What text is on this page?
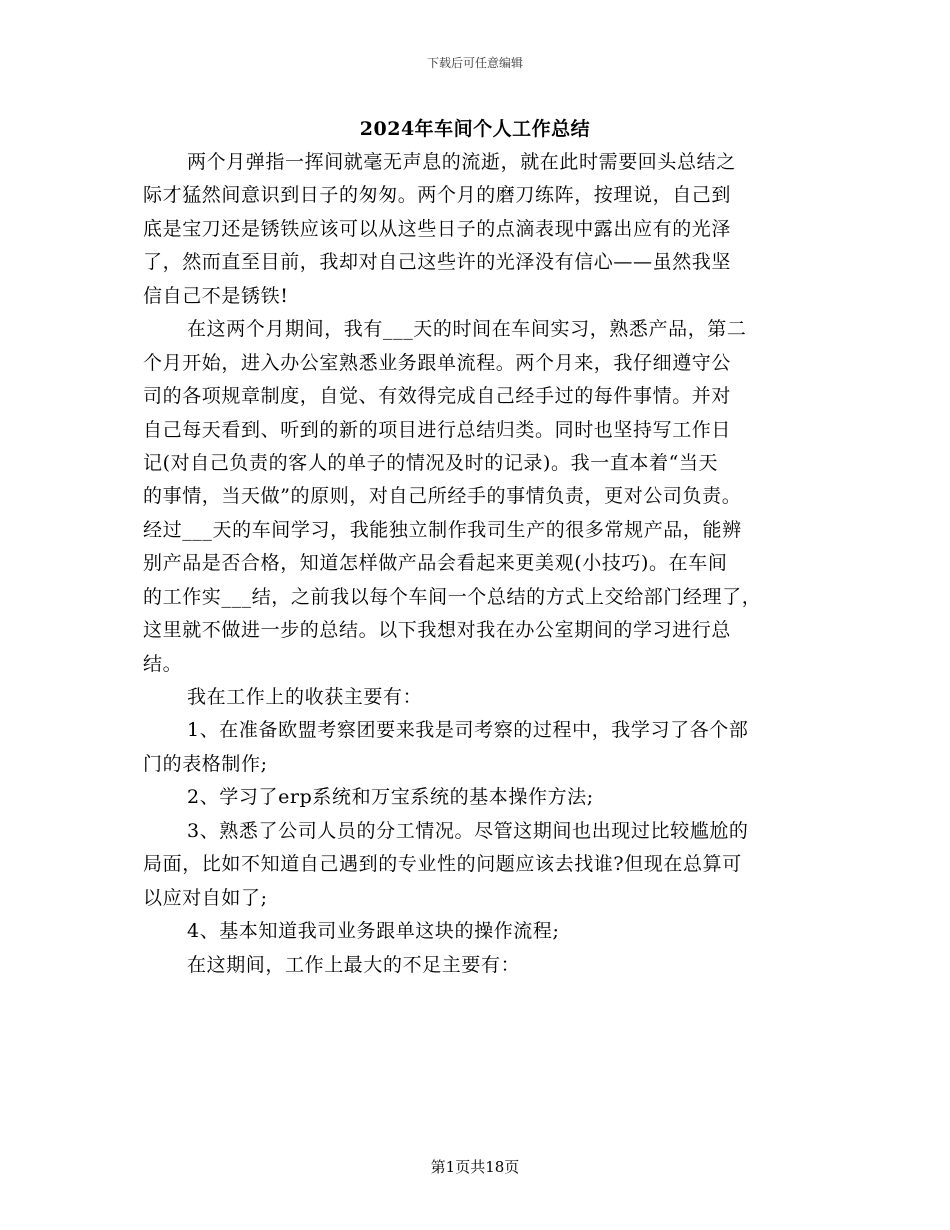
下载后可任意编辑
2024年车间个人工作总结
两个月弹指一挥间就毫无声息的流逝，就在此时需要回头总结之
际才猛然间意识到日子的匆匆。两个月的磨刀练阵，按理说，自己到
底是宝刀还是锈铁应该可以从这些日子的点滴表现中露出应有的光泽
了，然而直至目前，我却对自己这些许的光泽没有信心——虽然我坚
信自己不是锈铁!
在这两个月期间，我有___天的时间在车间实习，熟悉产品，第二
个月开始，进入办公室熟悉业务跟单流程。两个月来，我仔细遵守公
司的各项规章制度，自觉、有效得完成自己经手过的每件事情。并对
自己每天看到、听到的新的项目进行总结归类。同时也坚持写工作日
记(对自己负责的客人的单子的情况及时的记录)。我一直本着“当天
的事情，当天做”的原则，对自己所经手的事情负责，更对公司负责。
经过___天的车间学习，我能独立制作我司生产的很多常规产品，能辨
别产品是否合格，知道怎样做产品会看起来更美观(小技巧)。在车间
的工作实___结，之前我以每个车间一个总结的方式上交给部门经理了，
这里就不做进一步的总结。以下我想对我在办公室期间的学习进行总
结。
我在工作上的收获主要有：
1、在准备欧盟考察团要来我是司考察的过程中，我学习了各个部
门的表格制作;
2、学习了erp系统和万宝系统的基本操作方法;
3、熟悉了公司人员的分工情况。尽管这期间也出现过比较尴尬的
局面，比如不知道自己遇到的专业性的问题应该去找谁?但现在总算可
以应对自如了;
4、基本知道我司业务跟单这块的操作流程;
在这期间，工作上最大的不足主要有：
第1页共18页
